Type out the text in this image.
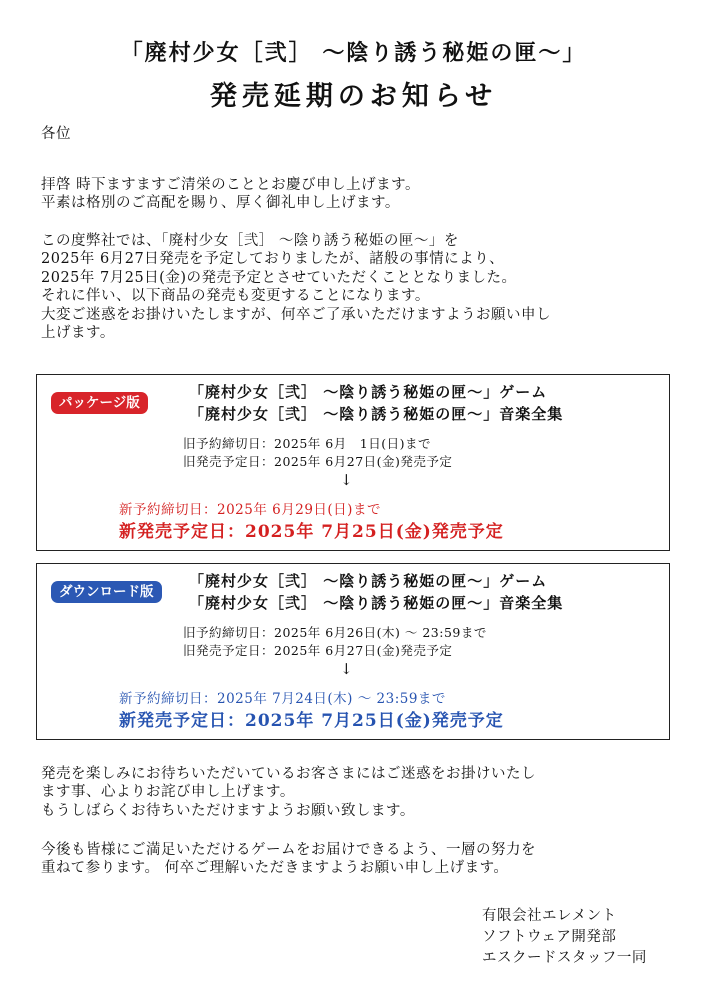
「廃村少女［弐］ ～陰り誘う秘姫の匣～」
発売延期のお知らせ
各位
拝啓 時下ますますご清栄のこととお慶び申し上げます。
平素は格別のご高配を賜り、厚く御礼申し上げます。
この度弊社では、「廃村少女［弐］ ～陰り誘う秘姫の匣～」を
2025年 6月27日発売を予定しておりましたが、諸般の事情により、
2025年 7月25日(金)の発売予定とさせていただくこととなりました。
それに伴い、以下商品の発売も変更することになります。
大変ご迷惑をお掛けいたしますが、何卒ご了承いただけますようお願い申し
上げます。
パッケージ版
「廃村少女［弐］ ～陰り誘う秘姫の匣～」ゲーム
「廃村少女［弐］ ～陰り誘う秘姫の匣～」音楽全集
旧予約締切日：2025年 6月　1日(日)まで
旧発売予定日：2025年 6月27日(金)発売予定
↓
新予約締切日：2025年 6月29日(日)まで
新発売予定日：2025年 7月25日(金)発売予定
ダウンロード版
「廃村少女［弐］ ～陰り誘う秘姫の匣～」ゲーム
「廃村少女［弐］ ～陰り誘う秘姫の匣～」音楽全集
旧予約締切日：2025年 6月26日(木) ～ 23:59まで
旧発売予定日：2025年 6月27日(金)発売予定
↓
新予約締切日：2025年 7月24日(木) ～ 23:59まで
新発売予定日：2025年 7月25日(金)発売予定
発売を楽しみにお待ちいただいているお客さまにはご迷惑をお掛けいたし
ます事、心よりお詫び申し上げます。
もうしばらくお待ちいただけますようお願い致します。
今後も皆様にご満足いただけるゲームをお届けできるよう、一層の努力を
重ねて参ります。 何卒ご理解いただきますようお願い申し上げます。
有限会社エレメント
ソフトウェア開発部
エスクードスタッフ一同
